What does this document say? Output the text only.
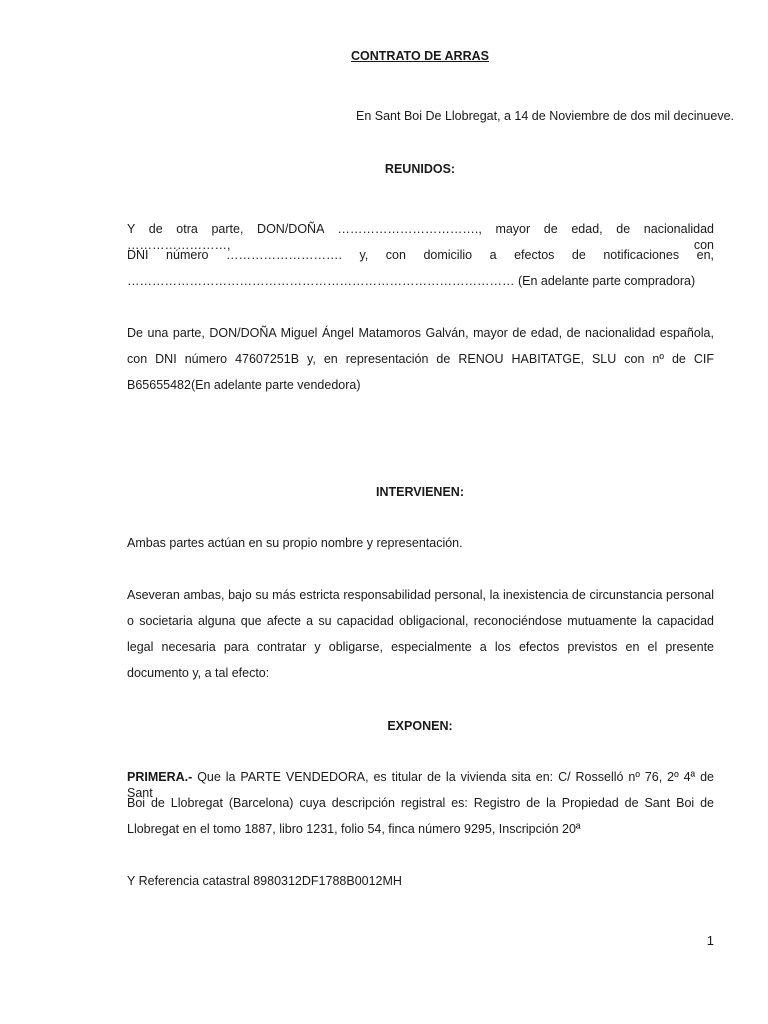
CONTRATO DE ARRAS
En Sant Boi De Llobregat, a 14 de Noviembre de dos mil decinueve.
REUNIDOS:
Y de otra parte, DON/DOÑA ……………………………., mayor de edad, de nacionalidad ……………………, con
DNI número ………………………. y, con domicilio a efectos de notificaciones en,
………………………………………………………………………………… (En adelante parte compradora)
De una parte, DON/DOÑA Miguel Ángel Matamoros Galván, mayor de edad, de nacionalidad española,
con DNI número 47607251B y, en representación de RENOU HABITATGE, SLU con nº de CIF
B65655482(En adelante parte vendedora)
INTERVIENEN:
Ambas partes actúan en su propio nombre y representación.
Aseveran ambas, bajo su más estricta responsabilidad personal, la inexistencia de circunstancia personal
o societaria alguna que afecte a su capacidad obligacional, reconociéndose mutuamente la capacidad
legal necesaria para contratar y obligarse, especialmente a los efectos previstos en el presente
documento y, a tal efecto:
EXPONEN:
PRIMERA.- Que la PARTE VENDEDORA, es titular de la vivienda sita en: C/ Rosselló nº 76, 2º 4ª de Sant
Boi de Llobregat (Barcelona) cuya descripción registral es: Registro de la Propiedad de Sant Boi de
Llobregat en el tomo 1887, libro 1231, folio 54, finca número 9295, Inscripción 20ª
Y Referencia catastral 8980312DF1788B0012MH
1
